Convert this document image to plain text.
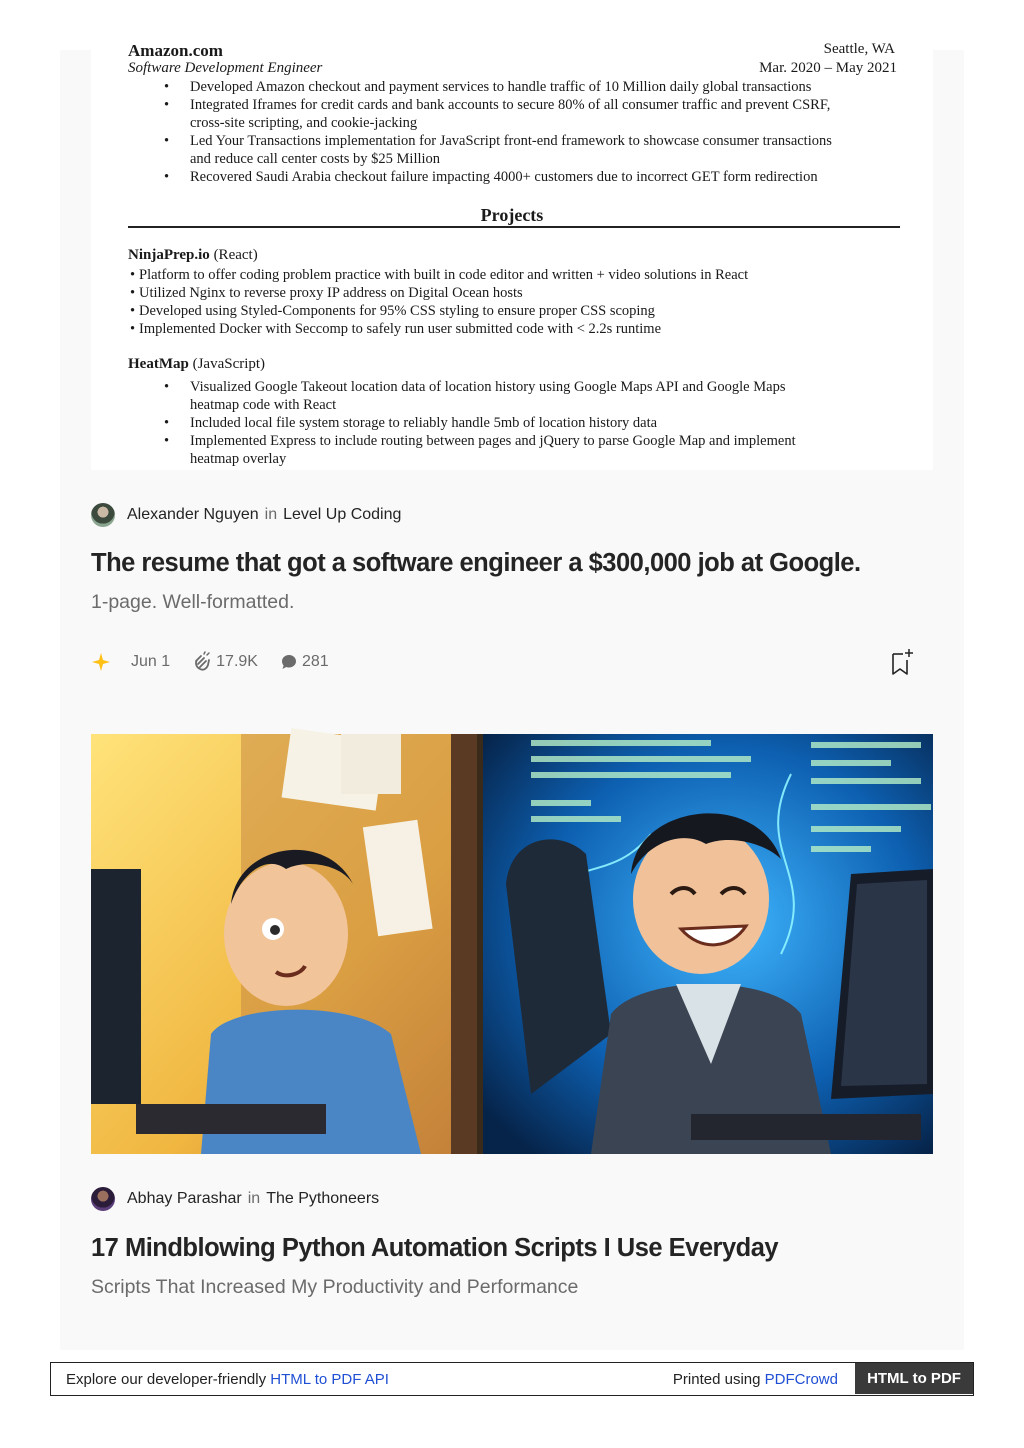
Amazon.com	Seattle, WA
Software Development Engineer	Mar. 2020 – May 2021
• Developed Amazon checkout and payment services to handle traffic of 10 Million daily global transactions
• Integrated Iframes for credit cards and bank accounts to secure 80% of all consumer traffic and prevent CSRF,
cross-site scripting, and cookie-jacking
• Led Your Transactions implementation for JavaScript front-end framework to showcase consumer transactions
and reduce call center costs by $25 Million
• Recovered Saudi Arabia checkout failure impacting 4000+ customers due to incorrect GET form redirection
Projects
NinjaPrep.io (React)
• Platform to offer coding problem practice with built in code editor and written + video solutions in React
• Utilized Nginx to reverse proxy IP address on Digital Ocean hosts
• Developed using Styled-Components for 95% CSS styling to ensure proper CSS scoping
• Implemented Docker with Seccomp to safely run user submitted code with < 2.2s runtime
HeatMap (JavaScript)
• Visualized Google Takeout location data of location history using Google Maps API and Google Maps
heatmap code with React
• Included local file system storage to reliably handle 5mb of location history data
• Implemented Express to include routing between pages and jQuery to parse Google Map and implement
heatmap overlay
Alexander Nguyen in Level Up Coding
The resume that got a software engineer a $300,000 job at Google.
1-page. Well-formatted.
Jun 1	17.9K	281
Abhay Parashar in The Pythoneers
17 Mindblowing Python Automation Scripts I Use Everyday
Scripts That Increased My Productivity and Performance
Explore our developer-friendly HTML to PDF API	Printed using PDFCrowd	HTML to PDF
